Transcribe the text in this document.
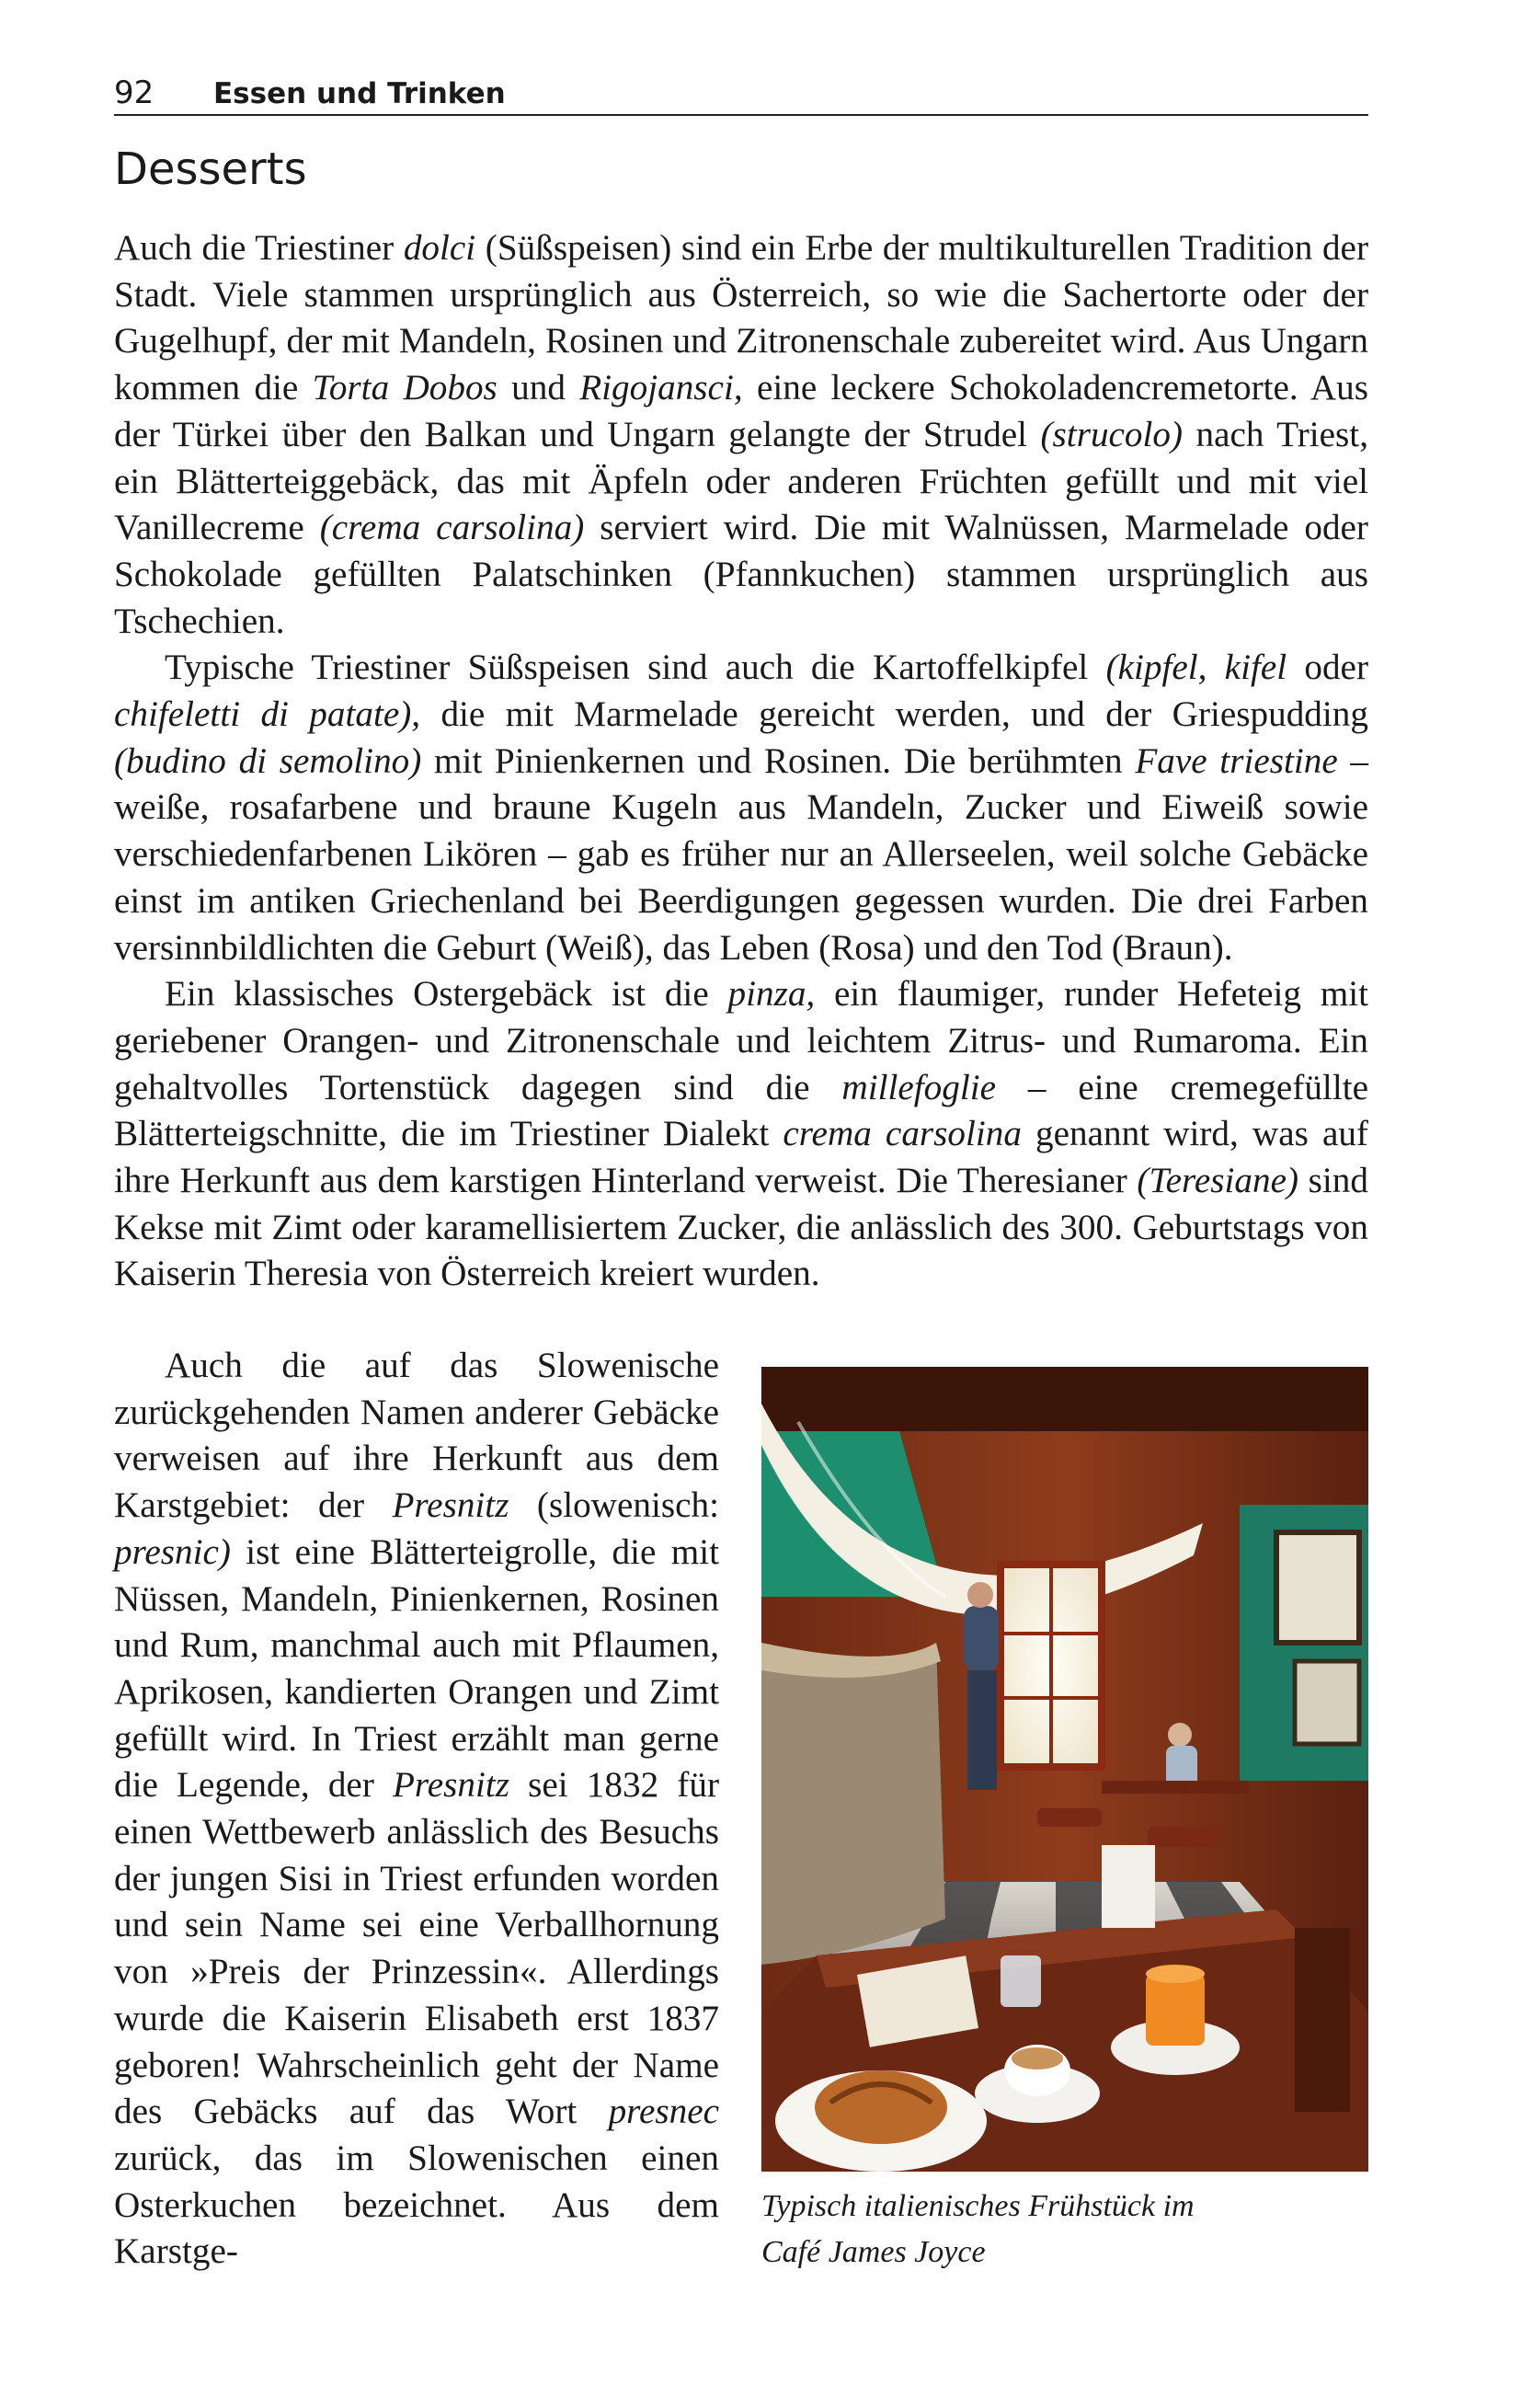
92 Essen und Trinken
Desserts

Auch die Triestiner dolci (Süßspeisen) sind ein Erbe der multikulturellen Tradition der Stadt. Viele stammen ursprünglich aus Österreich, so wie die Sachertorte oder der Gugelhupf, der mit Mandeln, Rosinen und Zitronenschale zubereitet wird. Aus Ungarn kommen die Torta Dobos und Rigojansci, eine leckere Schokoladencremetorte. Aus der Türkei über den Balkan und Ungarn gelangte der Strudel (strucolo) nach Triest, ein Blätterteiggebäck, das mit Äpfeln oder anderen Früchten gefüllt und mit viel Vanillecreme (crema carsolina) serviert wird. Die mit Walnüssen, Marmelade oder Schokolade gefüllten Palatschinken (Pfannkuchen) stammen ursprünglich aus Tschechien.

Typische Triestiner Süßspeisen sind auch die Kartoffelkipfel (kipfel, kifel oder chifeletti di patate), die mit Marmelade gereicht werden, und der Griespudding (budino di semolino) mit Pinienkernen und Rosinen. Die berühmten Fave triestine – weiße, rosafarbene und braune Kugeln aus Mandeln, Zucker und Eiweiß sowie verschiedenfarbenen Likören – gab es früher nur an Allerseelen, weil solche Gebäcke einst im antiken Griechenland bei Beerdigungen gegessen wurden. Die drei Farben versinnbildlichten die Geburt (Weiß), das Leben (Rosa) und den Tod (Braun).

Ein klassisches Ostergebäck ist die pinza, ein flaumiger, runder Hefeteig mit geriebener Orangen- und Zitronenschale und leichtem Zitrus- und Rumaroma. Ein gehaltvolles Tortenstück dagegen sind die millefoglie – eine cremegefüllte Blätterteigschnitte, die im Triestiner Dialekt crema carsolina genannt wird, was auf ihre Herkunft aus dem karstigen Hinterland verweist. Die Theresianer (Teresiane) sind Kekse mit Zimt oder karamellisiertem Zucker, die anlässlich des 300. Geburtstags von Kaiserin Theresia von Österreich kreiert wurden.

Auch die auf das Slowenische zurückgehenden Namen anderer Gebäcke verweisen auf ihre Herkunft aus dem Karstgebiet: der Presnitz (slowenisch: presnic) ist eine Blätterteigrolle, die mit Nüssen, Mandeln, Pinienkernen, Rosinen und Rum, manchmal auch mit Pflaumen, Aprikosen, kandierten Orangen und Zimt gefüllt wird. In Triest erzählt man gerne die Legende, der Presnitz sei 1832 für einen Wettbewerb anlässlich des Besuchs der jungen Sisi in Triest erfunden worden und sein Name sei eine Verballhornung von »Preis der Prinzessin«. Allerdings wurde die Kaiserin Elisabeth erst 1837 geboren! Wahrscheinlich geht der Name des Gebäcks auf das Wort presnec zurück, das im Slowenischen einen Osterkuchen bezeichnet. Aus dem Karstge-

Typisch italienisches Frühstück im
Café James Joyce
